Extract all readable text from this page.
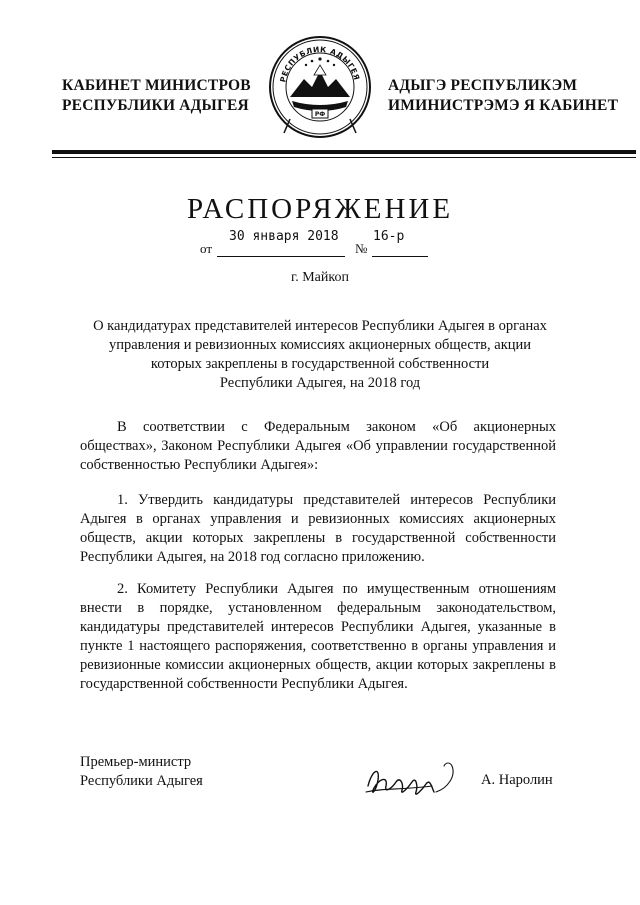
КАБИНЕТ МИНИСТРОВ
РЕСПУБЛИКИ АДЫГЕЯ
РЕСПУБЛИК АДЫГЕЯ
РФ
АДЫГЭ РЕСПУБЛИКЭМ
ИМИНИСТРЭМЭ Я КАБИНЕТ
РАСПОРЯЖЕНИЕ
от
30 января 2018
№
16-р
г. Майкоп
О кандидатурах представителей интересов Республики Адыгея в органах
управления и ревизионных комиссиях акционерных обществ, акции
которых закреплены в государственной собственности
Республики Адыгея, на 2018 год

В соответствии с Федеральным законом «Об акционерных обществах», Законом Республики Адыгея «Об управлении государственной собственностью Республики Адыгея»:

1. Утвердить кандидатуры представителей интересов Республики Адыгея в органах управления и ревизионных комиссиях акционерных обществ, акции которых закреплены в государственной собственности Республики Адыгея, на 2018 год согласно приложению.

2. Комитету Республики Адыгея по имущественным отношениям внести в порядке, установленном федеральным законодательством, кандидатуры представителей интересов Республики Адыгея, указанные в пункте 1 настоящего распоряжения, соответственно в органы управления и ревизионные комиссии акционерных обществ, акции которых закреплены в государственной собственности Республики Адыгея.

Премьер-министр
Республики Адыгея	А. Наролин
